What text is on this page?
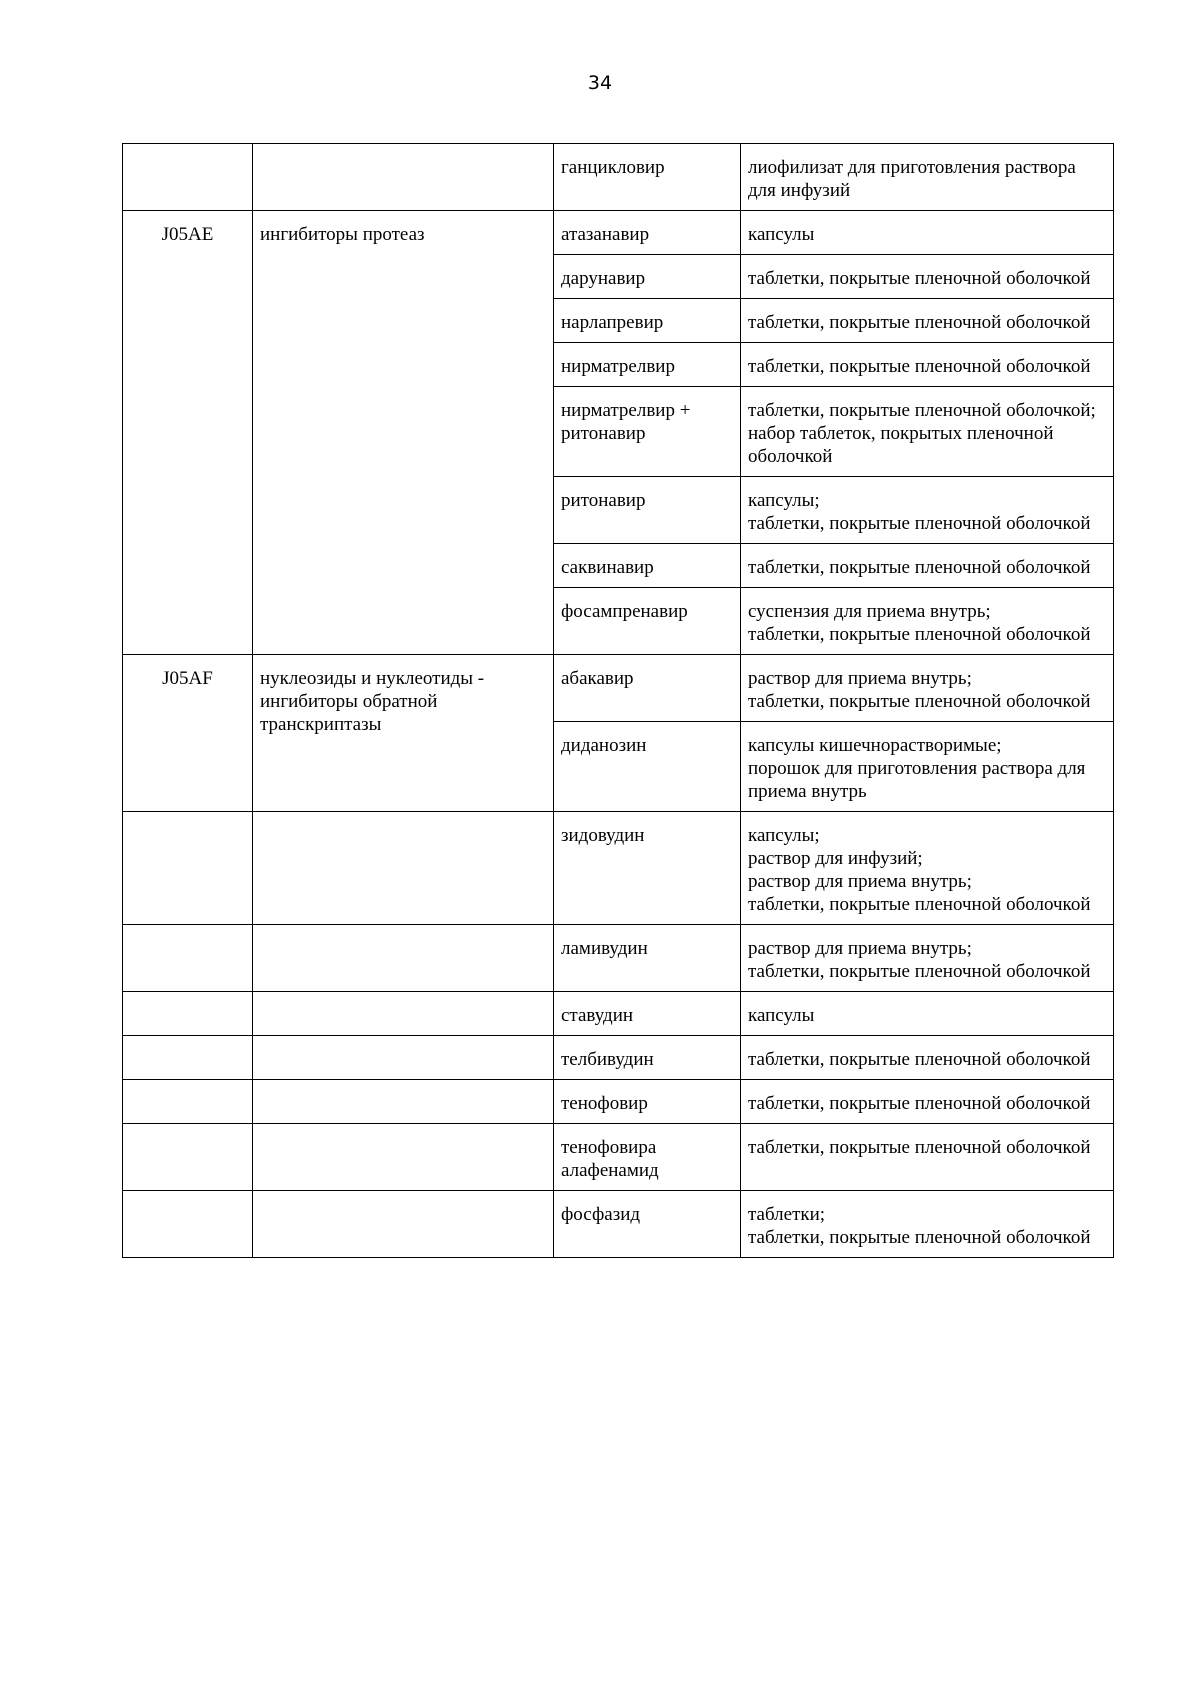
34
		ганцикловир	лиофилизат для приготовления раствора для инфузий

J05AE	ингибиторы протеаз	атазанавир	капсулы

		дарунавир	таблетки, покрытые пленочной оболочкой

		нарлапревир	таблетки, покрытые пленочной оболочкой

		нирматрелвир	таблетки, покрытые пленочной оболочкой

		нирматрелвир + ритонавир	таблетки, покрытые пленочной оболочкой;
набор таблеток, покрытых пленочной оболочкой

		ритонавир	капсулы;
таблетки, покрытые пленочной оболочкой

		саквинавир	таблетки, покрытые пленочной оболочкой

		фосампренавир	суспензия для приема внутрь;
таблетки, покрытые пленочной оболочкой

J05AF	нуклеозиды и нуклеотиды - ингибиторы обратной транскриптазы	абакавир	раствор для приема внутрь;
таблетки, покрытые пленочной оболочкой

		диданозин	капсулы кишечнорастворимые;
порошок для приготовления раствора для приема внутрь

		зидовудин	капсулы;
раствор для инфузий;
раствор для приема внутрь;
таблетки, покрытые пленочной оболочкой

		ламивудин	раствор для приема внутрь;
таблетки, покрытые пленочной оболочкой

		ставудин	капсулы

		телбивудин	таблетки, покрытые пленочной оболочкой

		тенофовир	таблетки, покрытые пленочной оболочкой

		тенофовира алафенамид	таблетки, покрытые пленочной оболочкой

		фосфазид	таблетки;
таблетки, покрытые пленочной оболочкой
